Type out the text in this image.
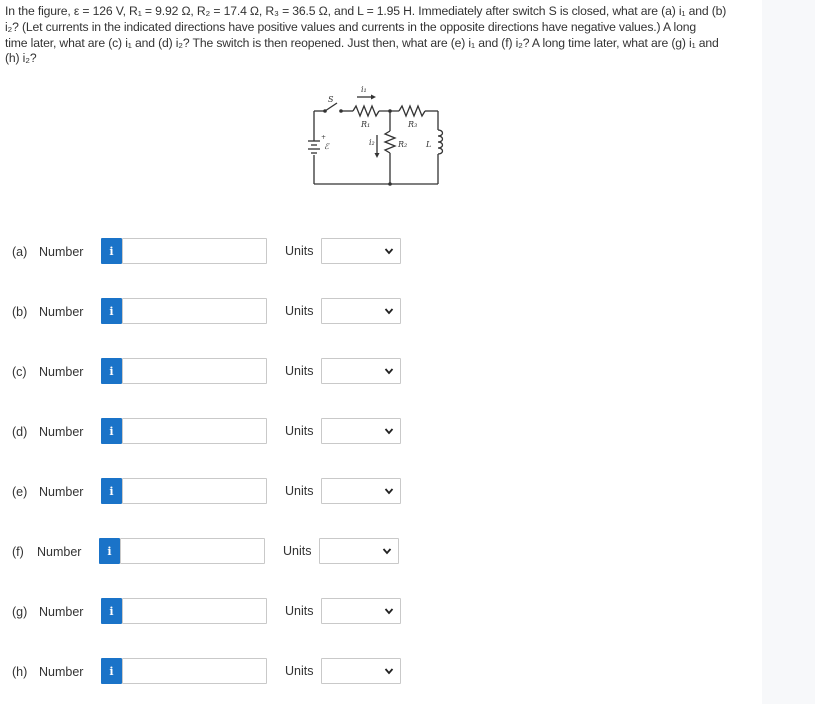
In the figure, ε = 126 V, R₁ = 9.92 Ω, R₂ = 17.4 Ω, R₃ = 36.5 Ω, and L = 1.95 H. Immediately after switch S is closed, what are (a) i₁ and (b)
i₂? (Let currents in the indicated directions have positive values and currents in the opposite directions have negative values.) A long
time later, what are (c) i₁ and (d) i₂? The switch is then reopened. Just then, what are (e) i₁ and (f) i₂? A long time later, what are (g) i₁ and
(h) i₂?
S
i₁
R₁	R₃
i₂	R₂ L
ℰ
+
(a) Number i	Units
(b) Number i	Units
(c) Number i	Units
(d) Number i	Units
(e) Number i	Units
(f) Number i	Units
(g) Number i	Units
(h) Number i	Units
